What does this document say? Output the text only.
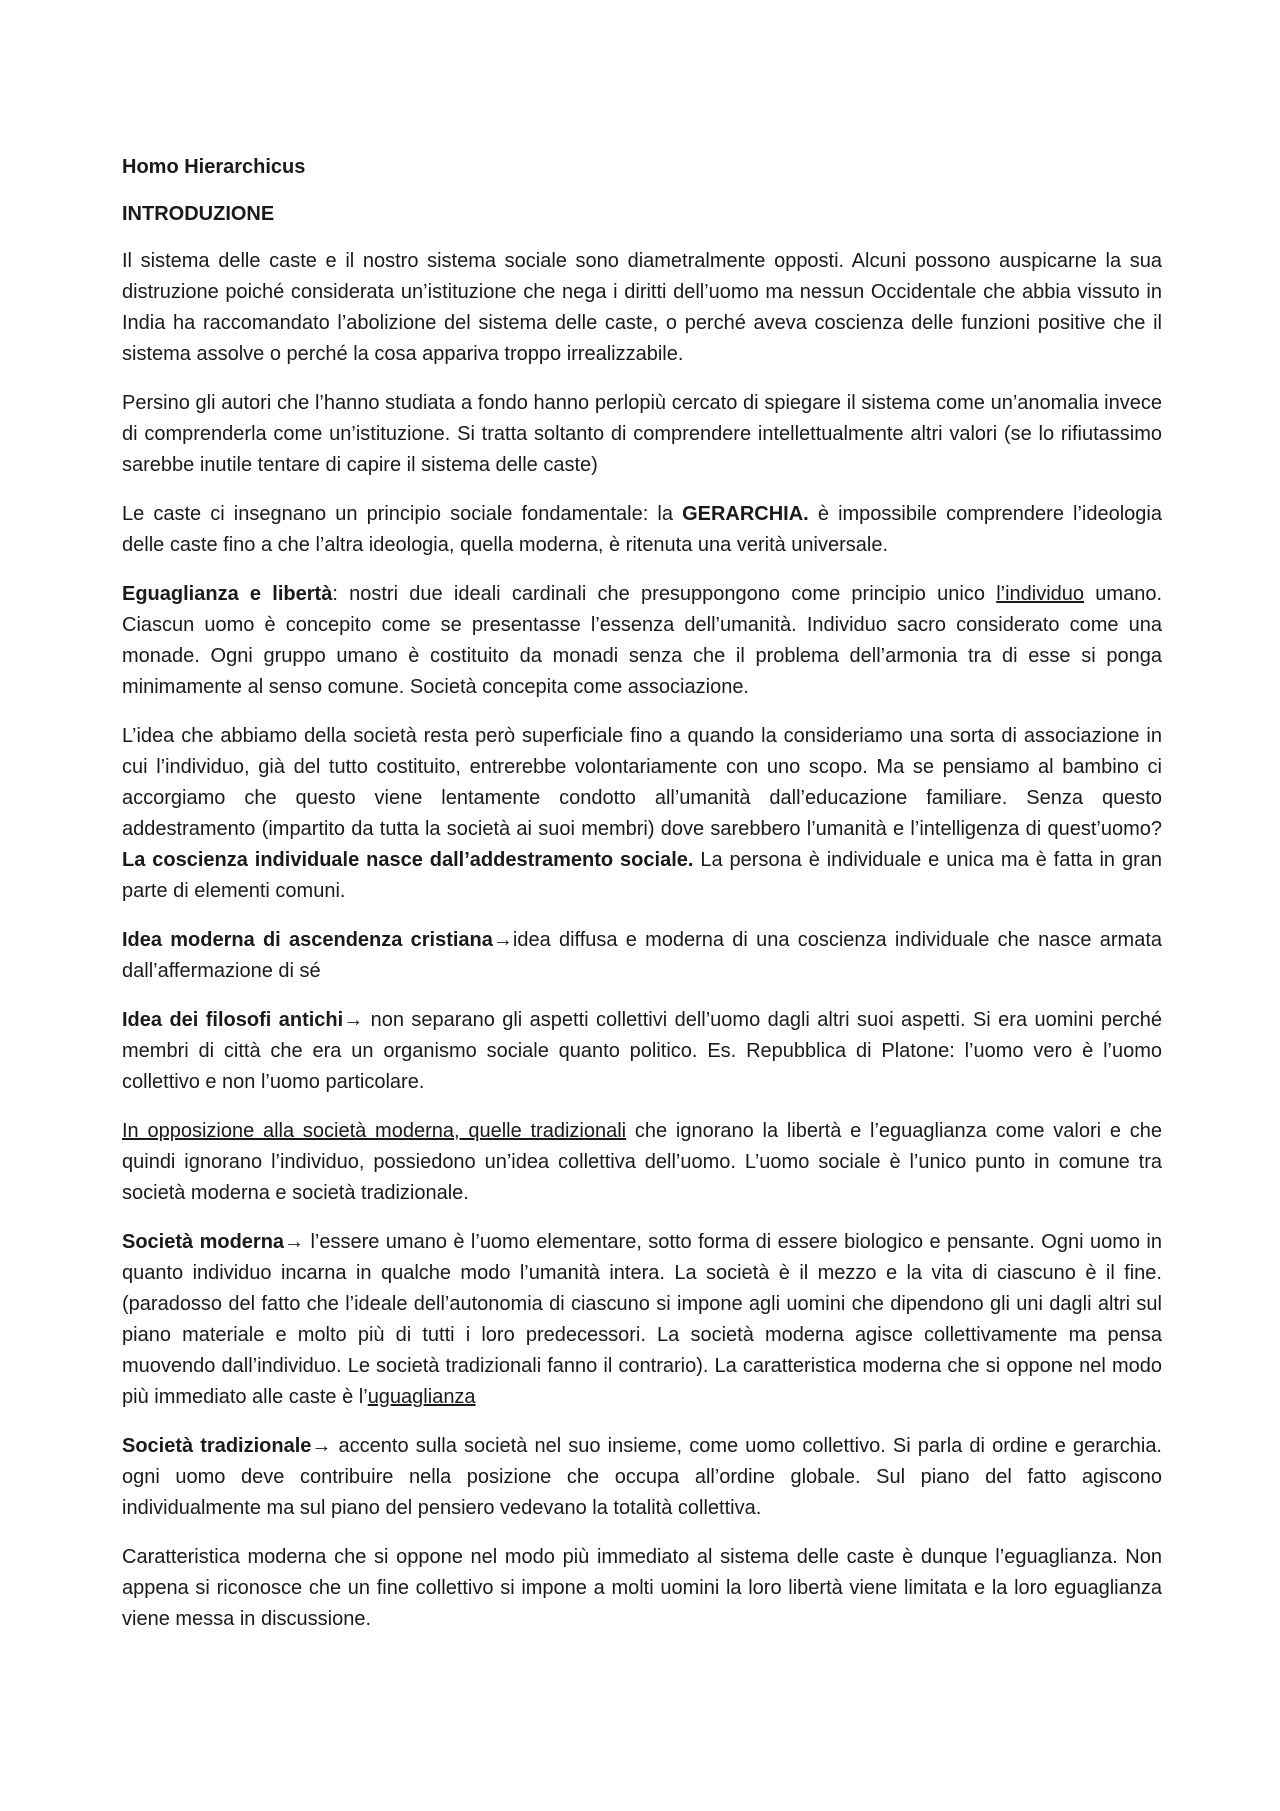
Homo Hierarchicus

INTRODUZIONE

Il sistema delle caste e il nostro sistema sociale sono diametralmente opposti. Alcuni possono auspicarne la sua distruzione poiché considerata un’istituzione che nega i diritti dell’uomo ma nessun Occidentale che abbia vissuto in India ha raccomandato l’abolizione del sistema delle caste, o perché aveva coscienza delle funzioni positive che il sistema assolve o perché la cosa appariva troppo irrealizzabile.

Persino gli autori che l’hanno studiata a fondo hanno perlopiù cercato di spiegare il sistema come un’anomalia invece di comprenderla come un’istituzione. Si tratta soltanto di comprendere intellettualmente altri valori (se lo rifiutassimo sarebbe inutile tentare di capire il sistema delle caste)

Le caste ci insegnano un principio sociale fondamentale: la GERARCHIA. è impossibile comprendere l’ideologia delle caste fino a che l’altra ideologia, quella moderna, è ritenuta una verità universale.

Eguaglianza e libertà: nostri due ideali cardinali che presuppongono come principio unico l’individuo umano. Ciascun uomo è concepito come se presentasse l’essenza dell’umanità. Individuo sacro considerato come una monade. Ogni gruppo umano è costituito da monadi senza che il problema dell’armonia tra di esse si ponga minimamente al senso comune. Società concepita come associazione.

L’idea che abbiamo della società resta però superficiale fino a quando la consideriamo una sorta di associazione in cui l’individuo, già del tutto costituito, entrerebbe volontariamente con uno scopo. Ma se pensiamo al bambino ci accorgiamo che questo viene lentamente condotto all’umanità dall’educazione familiare. Senza questo addestramento (impartito da tutta la società ai suoi membri) dove sarebbero l’umanità e l’intelligenza di quest’uomo? La coscienza individuale nasce dall’addestramento sociale. La persona è individuale e unica ma è fatta in gran parte di elementi comuni.

Idea moderna di ascendenza cristiana→idea diffusa e moderna di una coscienza individuale che nasce armata dall’affermazione di sé

Idea dei filosofi antichi→ non separano gli aspetti collettivi dell’uomo dagli altri suoi aspetti. Si era uomini perché membri di città che era un organismo sociale quanto politico. Es. Repubblica di Platone: l’uomo vero è l’uomo collettivo e non l’uomo particolare.

In opposizione alla società moderna, quelle tradizionali che ignorano la libertà e l’eguaglianza come valori e che quindi ignorano l’individuo, possiedono un’idea collettiva dell’uomo. L’uomo sociale è l’unico punto in comune tra società moderna e società tradizionale.

Società moderna→ l’essere umano è l’uomo elementare, sotto forma di essere biologico e pensante. Ogni uomo in quanto individuo incarna in qualche modo l’umanità intera. La società è il mezzo e la vita di ciascuno è il fine. (paradosso del fatto che l’ideale dell’autonomia di ciascuno si impone agli uomini che dipendono gli uni dagli altri sul piano materiale e molto più di tutti i loro predecessori. La società moderna agisce collettivamente ma pensa muovendo dall’individuo. Le società tradizionali fanno il contrario). La caratteristica moderna che si oppone nel modo più immediato alle caste è l’uguaglianza

Società tradizionale→ accento sulla società nel suo insieme, come uomo collettivo. Si parla di ordine e gerarchia. ogni uomo deve contribuire nella posizione che occupa all’ordine globale. Sul piano del fatto agiscono individualmente ma sul piano del pensiero vedevano la totalità collettiva.

Caratteristica moderna che si oppone nel modo più immediato al sistema delle caste è dunque l’eguaglianza. Non appena si riconosce che un fine collettivo si impone a molti uomini la loro libertà viene limitata e la loro eguaglianza viene messa in discussione.
